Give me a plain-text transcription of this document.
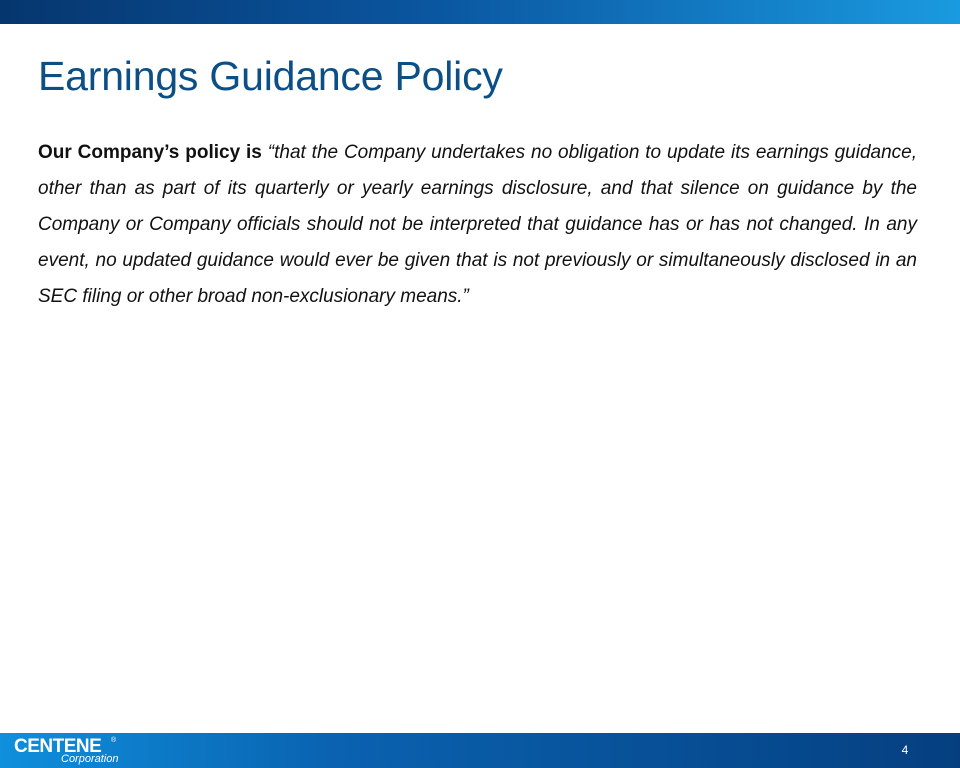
Earnings Guidance Policy

Our Company’s policy is “that the Company undertakes no obligation to update its earnings guidance, other than as part of its quarterly or yearly earnings disclosure, and that silence on guidance by the Company or Company officials should not be interpreted that guidance has or has not changed. In any event, no updated guidance would ever be given that is not previously or simultaneously disclosed in an SEC filing or other broad non-exclusionary means.”

CENTENE ®
Corporation
4
